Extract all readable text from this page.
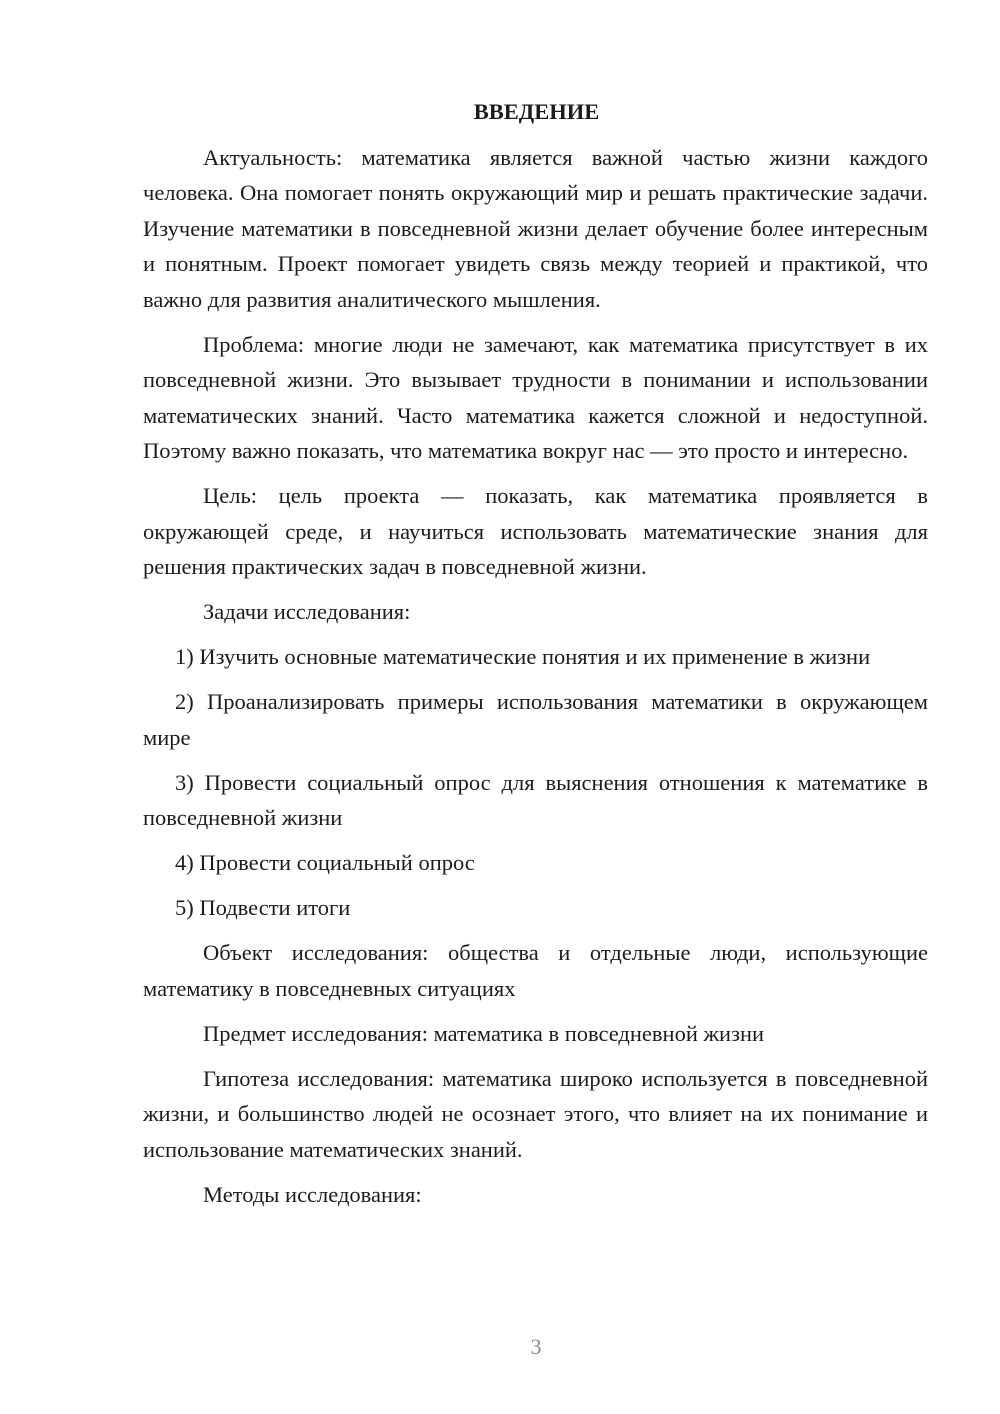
ВВЕДЕНИЕ

Актуальность: математика является важной частью жизни каждого человека. Она помогает понять окружающий мир и решать практические задачи. Изучение математики в повседневной жизни делает обучение более интересным и понятным. Проект помогает увидеть связь между теорией и практикой, что важно для развития аналитического мышления.

Проблема: многие люди не замечают, как математика присутствует в их повседневной жизни. Это вызывает трудности в понимании и использовании математических знаний. Часто математика кажется сложной и недоступной. Поэтому важно показать, что математика вокруг нас — это просто и интересно.

Цель: цель проекта — показать, как математика проявляется в окружающей среде, и научиться использовать математические знания для решения практических задач в повседневной жизни.

Задачи исследования:

1) Изучить основные математические понятия и их применение в жизни

2) Проанализировать примеры использования математики в окружающем мире

3) Провести социальный опрос для выяснения отношения к математике в повседневной жизни

4) Провести социальный опрос

5) Подвести итоги

Объект исследования: общества и отдельные люди, использующие математику в повседневных ситуациях

Предмет исследования: математика в повседневной жизни

Гипотеза исследования: математика широко используется в повседневной жизни, и большинство людей не осознает этого, что влияет на их понимание и использование математических знаний.

Методы исследования:

3
